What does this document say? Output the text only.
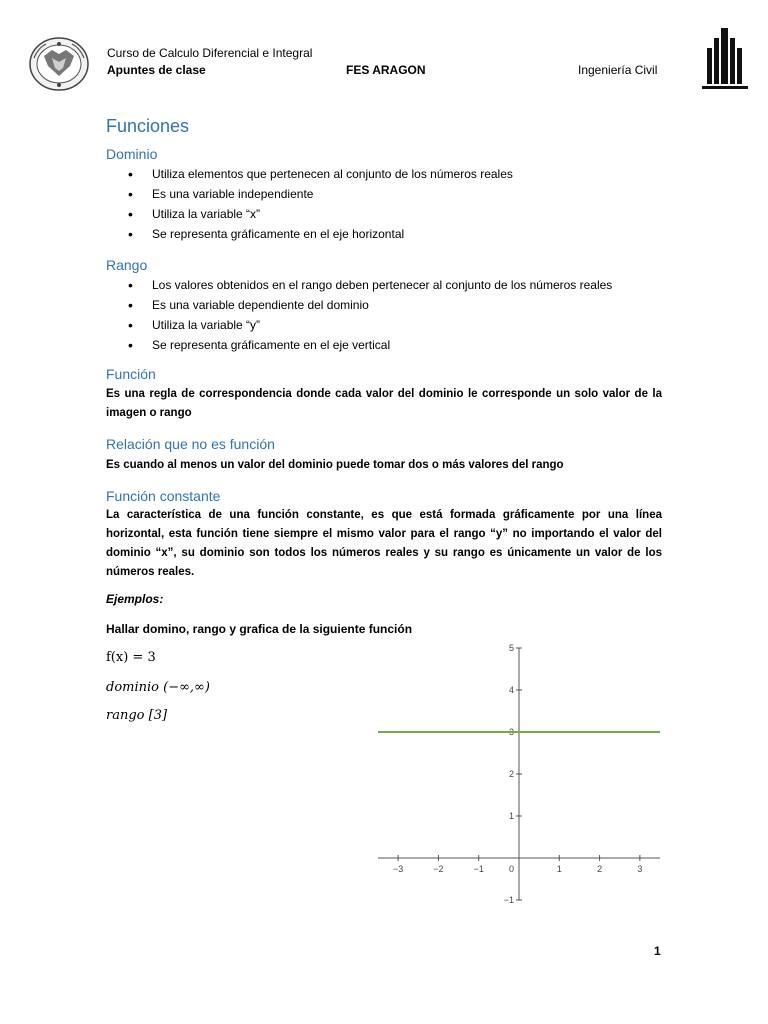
Curso de Calculo Diferencial e Integral
Apuntes de clase	FES ARAGON	Ingeniería Civil
Funciones
Dominio
• Utiliza elementos que pertenecen al conjunto de los números reales
• Es una variable independiente
• Utiliza la variable “x”
• Se representa gráficamente en el eje horizontal
Rango
• Los valores obtenidos en el rango deben pertenecer al conjunto de los números reales
• Es una variable dependiente del dominio
• Utiliza la variable “y”
• Se representa gráficamente en el eje vertical
Función
Es una regla de correspondencia donde cada valor del dominio le corresponde un solo valor de la imagen o rango
Relación que no es función
Es cuando al menos un valor del dominio puede tomar dos o más valores del rango
Función constante
La característica de una función constante, es que está formada gráficamente por una línea horizontal, esta función tiene siempre el mismo valor para el rango “y” no importando el valor del dominio “x”, su dominio son todos los números reales y su rango es únicamente un valor de los números reales.
Ejemplos:
Hallar domino, rango y grafica de la siguiente función
f(x) = 3
dominio (−∞,∞)
rango [3]
−3	−2	−1	0	1	2	3
−1
1
2
3
4
5
1
